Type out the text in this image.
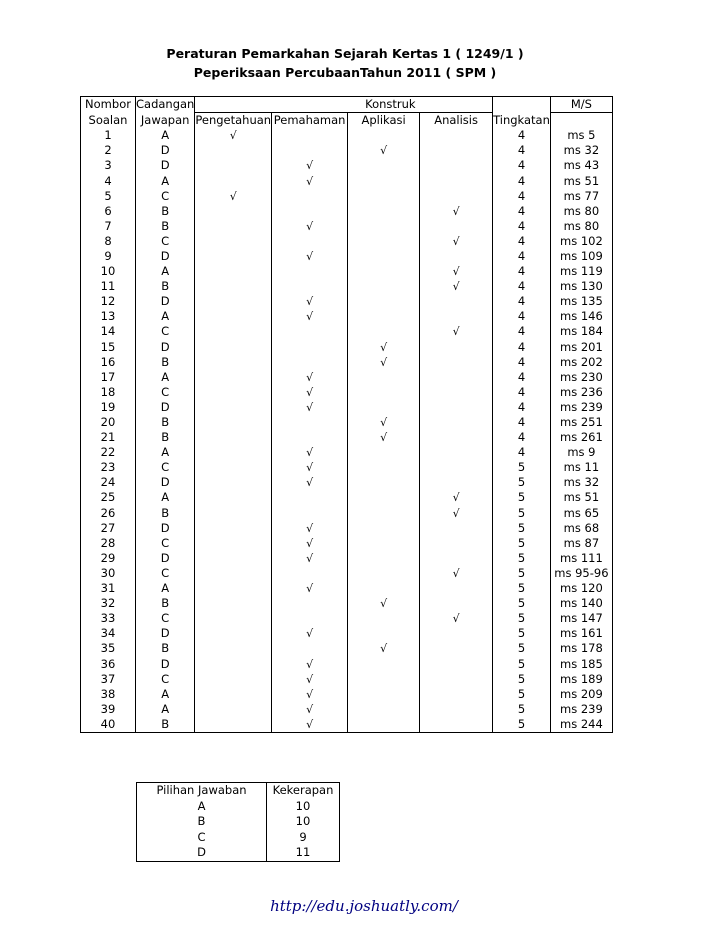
Peraturan Pemarkahan Sejarah Kertas 1 ( 1249/1 )
Peperiksaan PercubaanTahun 2011 ( SPM )
Nombor	Cadangan		Konstruk				M/S
Soalan	Jawapan	Pengetahuan	Pemahaman	Aplikasi	Analisis	Tingkatan	
1	A	√				4	ms 5
2	D			√		4	ms 32
3	D		√			4	ms 43
4	A		√			4	ms 51
5	C	√				4	ms 77
6	B				√	4	ms 80
7	B		√			4	ms 80
8	C				√	4	ms 102
9	D		√			4	ms 109
10	A				√	4	ms 119
11	B				√	4	ms 130
12	D		√			4	ms 135
13	A		√			4	ms 146
14	C				√	4	ms 184
15	D			√		4	ms 201
16	B			√		4	ms 202
17	A		√			4	ms 230
18	C		√			4	ms 236
19	D		√			4	ms 239
20	B			√		4	ms 251
21	B			√		4	ms 261
22	A		√			4	ms 9
23	C		√			5	ms 11
24	D		√			5	ms 32
25	A				√	5	ms 51
26	B				√	5	ms 65
27	D		√			5	ms 68
28	C		√			5	ms 87
29	D		√			5	ms 111
30	C				√	5	ms 95-96
31	A		√			5	ms 120
32	B			√		5	ms 140
33	C				√	5	ms 147
34	D		√			5	ms 161
35	B			√		5	ms 178
36	D		√			5	ms 185
37	C		√			5	ms 189
38	A		√			5	ms 209
39	A		√			5	ms 239
40	B		√			5	ms 244
Pilihan Jawaban	Kekerapan
A	10
B	10
C	9
D	11
http://edu.joshuatly.com/
